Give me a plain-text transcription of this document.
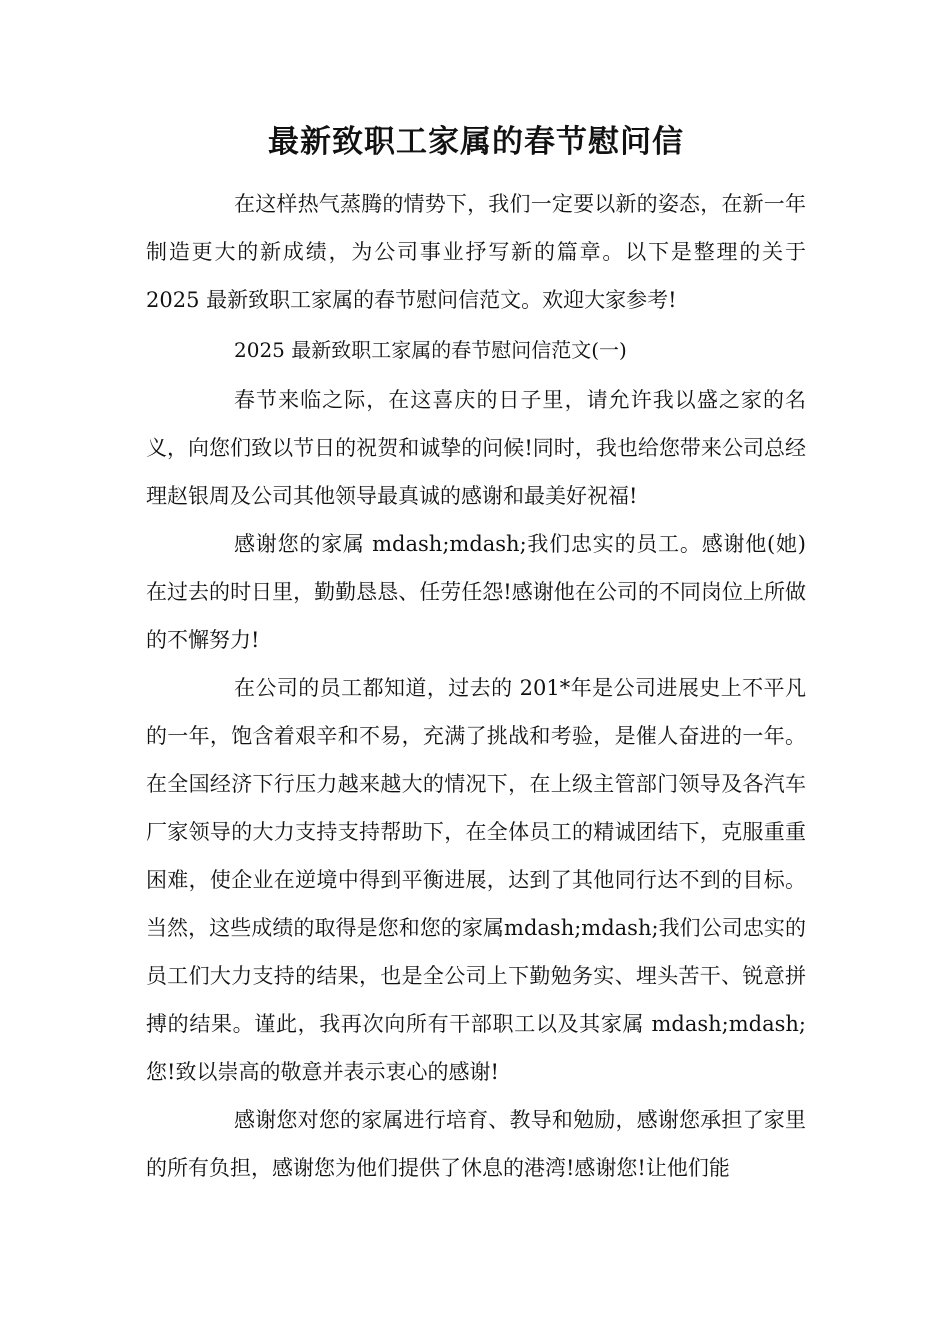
最新致职工家属的春节慰问信

在这样热气蒸腾的情势下，我们一定要以新的姿态，在新一年制造更大的新成绩，为公司事业抒写新的篇章。以下是整理的关于 2025 最新致职工家属的春节慰问信范文。欢迎大家参考!

2025 最新致职工家属的春节慰问信范文(一)

春节来临之际，在这喜庆的日子里，请允许我以盛之家的名义，向您们致以节日的祝贺和诚挚的问候!同时，我也给您带来公司总经理赵银周及公司其他领导最真诚的感谢和最美好祝福!

感谢您的家属 mdash;mdash;我们忠实的员工。感谢他(她)在过去的时日里，勤勤恳恳、任劳任怨!感谢他在公司的不同岗位上所做的不懈努力!

在公司的员工都知道，过去的 201*年是公司进展史上不平凡的一年，饱含着艰辛和不易，充满了挑战和考验，是催人奋进的一年。在全国经济下行压力越来越大的情况下，在上级主管部门领导及各汽车厂家领导的大力支持支持帮助下，在全体员工的精诚团结下，克服重重困难，使企业在逆境中得到平衡进展，达到了其他同行达不到的目标。当然，这些成绩的取得是您和您的家属mdash;mdash;我们公司忠实的员工们大力支持的结果，也是全公司上下勤勉务实、埋头苦干、锐意拼搏的结果。谨此，我再次向所有干部职工以及其家属 mdash;mdash;您!致以崇高的敬意并表示衷心的感谢!

感谢您对您的家属进行培育、教导和勉励，感谢您承担了家里的所有负担，感谢您为他们提供了休息的港湾!感谢您!让他们能
